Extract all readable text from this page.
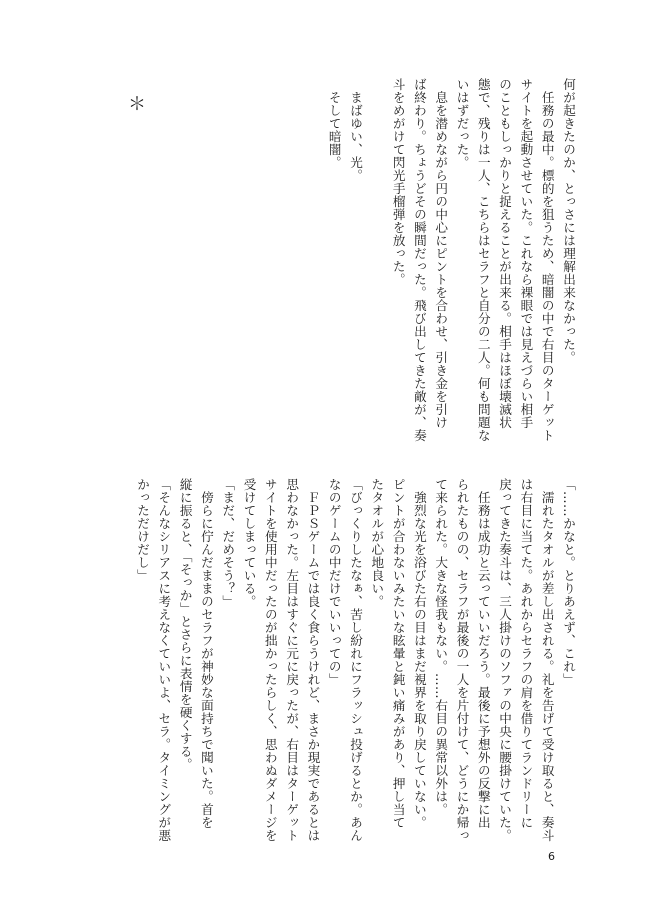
何が起きたのか、とっさには理解出来なかった。

　任務の最中。標的を狙うため、暗闇の中で右目のターゲット

サイトを起動させていた。これなら裸眼では見えづらい相手

のこともしっかりと捉えることが出来る。相手はほぼ壊滅状

態で、残りは一人、こちらはセラフと自分の二人。何も問題な

いはずだった。

　息を潜めながら円の中心にピントを合わせ、引き金を引け

ば終わり。ちょうどその瞬間だった。飛び出してきた敵が、奏

斗をめがけて閃光手榴弾を放った。

　まばゆい、光。

　そして暗闇。

＊

「……かなと。とりあえず、これ」

　濡れたタオルが差し出される。礼を告げて受け取ると、奏斗

は右目に当てた。あれからセラフの肩を借りてランドリーに

戻ってきた奏斗は、三人掛けのソファの中央に腰掛けていた。

　任務は成功と云っていいだろう。最後に予想外の反撃に出

られたものの、セラフが最後の一人を片付けて、どうにか帰っ

て来られた。大きな怪我もない。……右目の異常以外は。

　強烈な光を浴びた右の目はまだ視界を取り戻していない。

ピントが合わないみたいな眩暈と鈍い痛みがあり、押し当て

たタオルが心地良い。

「びっくりしたなぁ、苦し紛れにフラッシュ投げるとか。あん

なのゲームの中だけでいいっての」

　ＦＰＳゲームでは良く食らうけれど、まさか現実であるとは

思わなかった。左目はすぐに元に戻ったが、右目はターゲット

サイトを使用中だったのが拙かったらしく、思わぬダメージを

受けてしまっている。

「まだ、だめそう？」

　傍らに佇んだままのセラフが神妙な面持ちで聞いた。首を

縦に振ると、「そっか」とさらに表情を硬くする。

「そんなシリアスに考えなくていいよ、セラ。タイミングが悪

かっただけだし」

6
